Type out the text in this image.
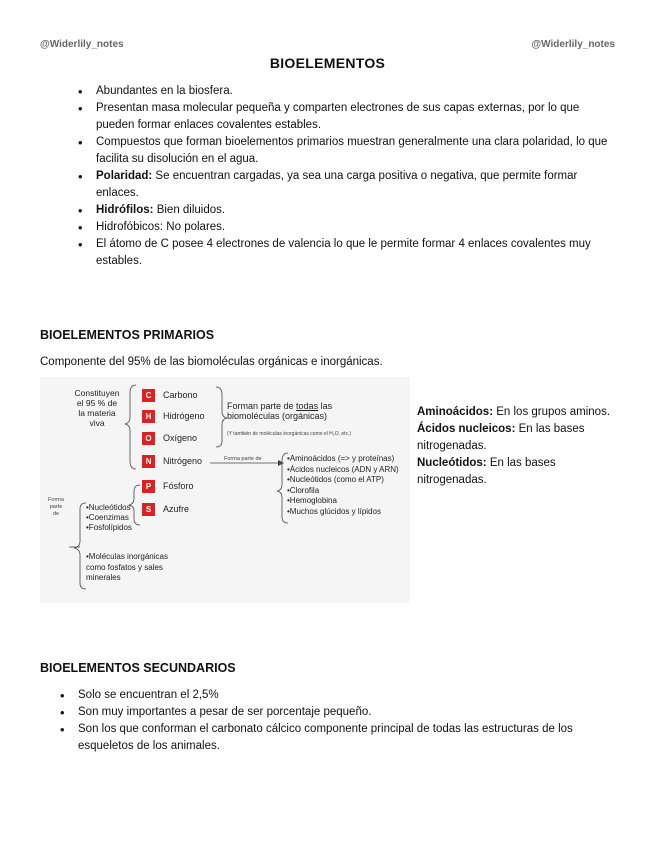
@Widerlily_notes	@Widerlily_notes
BIOELEMENTOS
• Abundantes en la biosfera.
• Presentan masa molecular pequeña y comparten electrones de sus capas externas, por lo que pueden formar enlaces covalentes estables.
• Compuestos que forman bioelementos primarios muestran generalmente una clara polaridad, lo que facilita su disolución en el agua.
• Polaridad: Se encuentran cargadas, ya sea una carga positiva o negativa, que permite formar enlaces.
• Hidrófilos: Bien diluidos.
• Hidrofóbicos: No polares.
• El átomo de C posee 4 electrones de valencia lo que le permite formar 4 enlaces covalentes muy estables.
BIOELEMENTOS PRIMARIOS
Componente del 95% de las biomoléculas orgánicas e inorgánicas.
Constituyen
el 95 % de
la materia
viva
C	Carbono
H	Hidrógeno
O	Oxígeno
N	Nitrógeno
P	Fósforo
S	Azufre
Forman parte de todas las
biomoléculas (orgánicas)
(Y también de moléculas inorgánicas como el H₂O, etc.)
Forma parte de	•Aminoácidos (=> y proteínas)
•Ácidos nucleicos (ADN y ARN)
•Nucleótidos (como el ATP)
•Clorofila
•Hemoglobina
•Muchos glúcidos y lípidos
Forma
parte
de
•Nucleótidos
•Coenzimas
•Fosfolípidos
•Moléculas inorgánicas
como fosfatos y sales
minerales
Aminoácidos: En los grupos aminos.
Ácidos nucleicos: En las bases nitrogenadas.
Nucleótidos: En las bases nitrogenadas.
BIOELEMENTOS SECUNDARIOS
• Solo se encuentran el 2,5%
• Son muy importantes a pesar de ser porcentaje pequeño.
• Son los que conforman el carbonato cálcico componente principal de todas las estructuras de los esqueletos de los animales.
